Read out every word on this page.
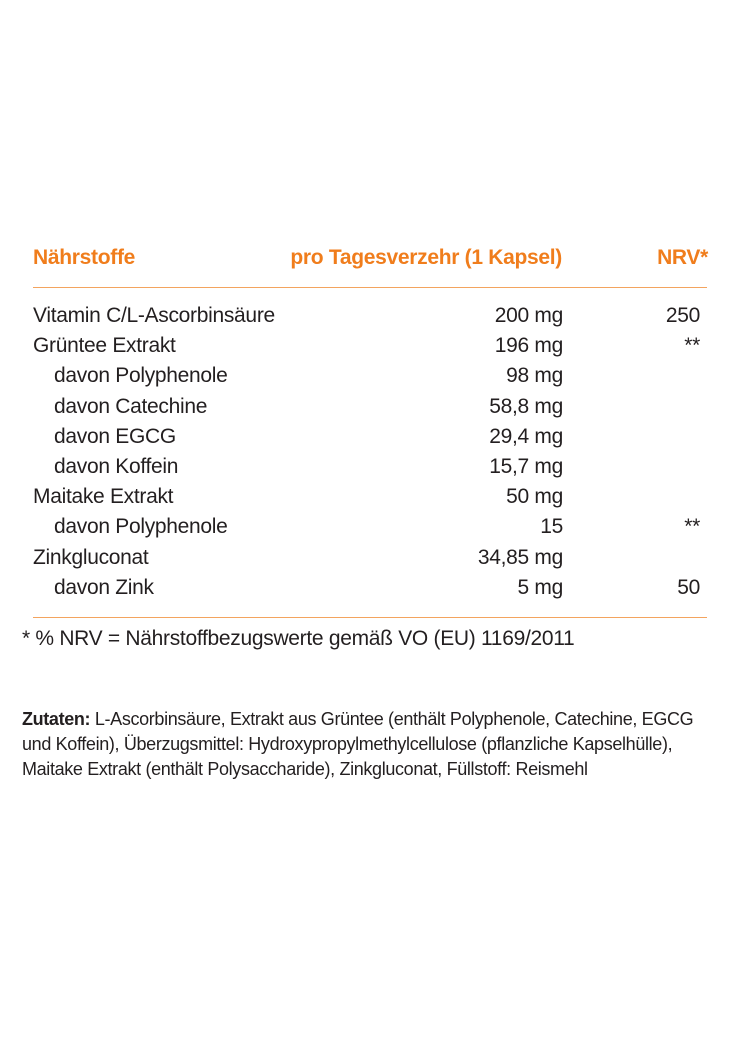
Nährstoffe	pro Tagesverzehr (1 Kapsel)	NRV*
Vitamin C/L-Ascorbinsäure	200 mg	250
Grüntee Extrakt	196 mg	**
davon Polyphenole	98 mg
davon Catechine	58,8 mg
davon EGCG	29,4 mg
davon Koffein	15,7 mg
Maitake Extrakt	50 mg
davon Polyphenole	15	**
Zinkgluconat	34,85 mg
davon Zink	5 mg	50
* % NRV = Nährstoffbezugswerte gemäß VO (EU) 1169/2011
Zutaten: L-Ascorbinsäure, Extrakt aus Grüntee (enthält Polyphenole, Catechine, EGCG und Koffein), Überzugsmittel: Hydroxypropylmethylcellulose (pflanzliche Kapselhülle), Maitake Extrakt (enthält Polysaccharide), Zinkgluconat, Füllstoff: Reismehl
